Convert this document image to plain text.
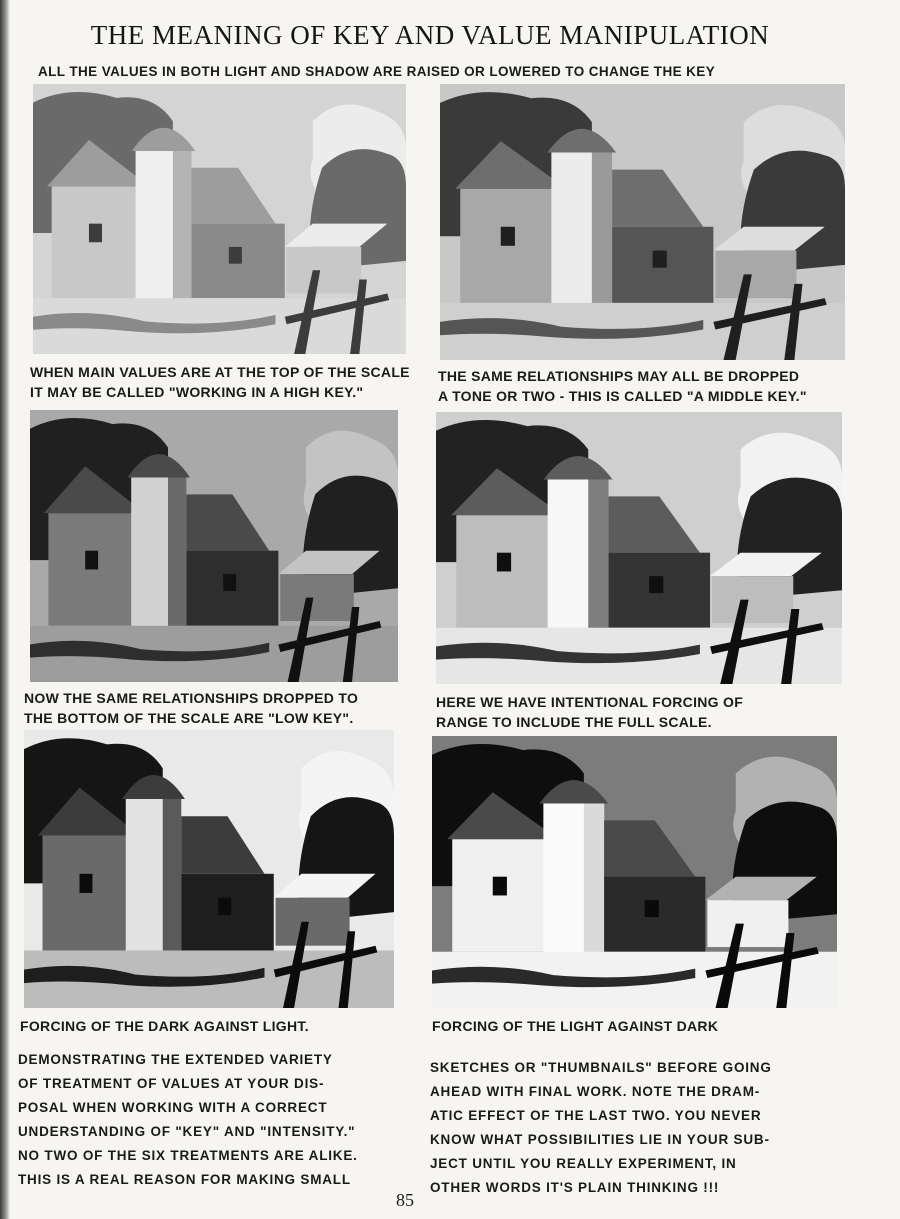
THE MEANING OF KEY AND VALUE MANIPULATION
ALL THE VALUES IN BOTH LIGHT AND SHADOW ARE RAISED OR LOWERED TO CHANGE THE KEY
WHEN MAIN VALUES ARE AT THE TOP OF THE SCALE
IT MAY BE CALLED "WORKING IN A HIGH KEY."
THE SAME RELATIONSHIPS MAY ALL BE DROPPED
A TONE OR TWO - THIS IS CALLED "A MIDDLE KEY."
NOW THE SAME RELATIONSHIPS DROPPED TO
THE BOTTOM OF THE SCALE ARE "LOW KEY".
HERE WE HAVE INTENTIONAL FORCING OF
RANGE TO INCLUDE THE FULL SCALE.
FORCING OF THE DARK AGAINST LIGHT.	FORCING OF THE LIGHT AGAINST DARK
DEMONSTRATING THE EXTENDED VARIETY
OF TREATMENT OF VALUES AT YOUR DIS-
POSAL WHEN WORKING WITH A CORRECT
UNDERSTANDING OF "KEY" AND "INTENSITY."
NO TWO OF THE SIX TREATMENTS ARE ALIKE.
THIS IS A REAL REASON FOR MAKING SMALL
SKETCHES OR "THUMBNAILS" BEFORE GOING
AHEAD WITH FINAL WORK. NOTE THE DRAM-
ATIC EFFECT OF THE LAST TWO. YOU NEVER
KNOW WHAT POSSIBILITIES LIE IN YOUR SUB-
JECT UNTIL YOU REALLY EXPERIMENT, IN
OTHER WORDS IT'S PLAIN THINKING !!!
85
